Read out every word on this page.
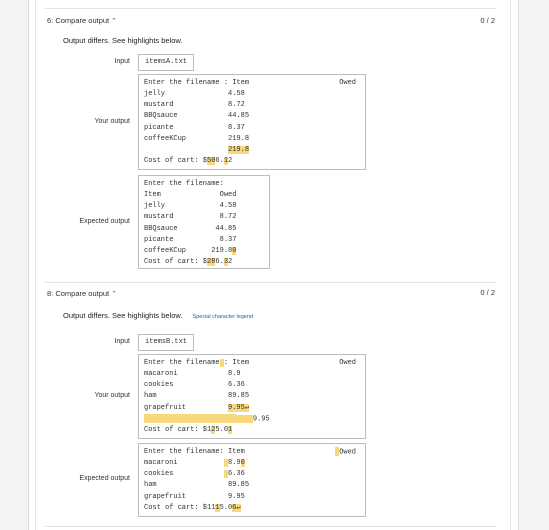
6: Compare output ⌃	0 / 2
Output differs. See highlights below.
Input	itemsA.txt
Your output
Enter the filename : Item	Owed
jelly               4.58
mustard             8.72
BBQsauce            44.85
picante             8.37
coffeeKCup          219.8
219.8
Cost of cart: $506.12
Expected output
Enter the filename:
Item              Owed
jelly             4.58
mustard           8.72
BBQsauce         44.85
picante           8.37
coffeeKCup      219.80
Cost of cart: $286.32
8: Compare output ⌃	0 / 2
Output differs. See highlights below. Special character legend
Input	itemsB.txt
Your output
Enter the filename : Item	Owed
macaroni            8.9
cookies             6.36
ham                 89.85
grapefruit          9.95↵
9.95
Cost of cart: $125.01
Expected output
Enter the filename: Item	Owed
macaroni            8.90
cookies             6.36
ham                 89.85
grapefruit          9.95
Cost of cart: $1115.06↵
